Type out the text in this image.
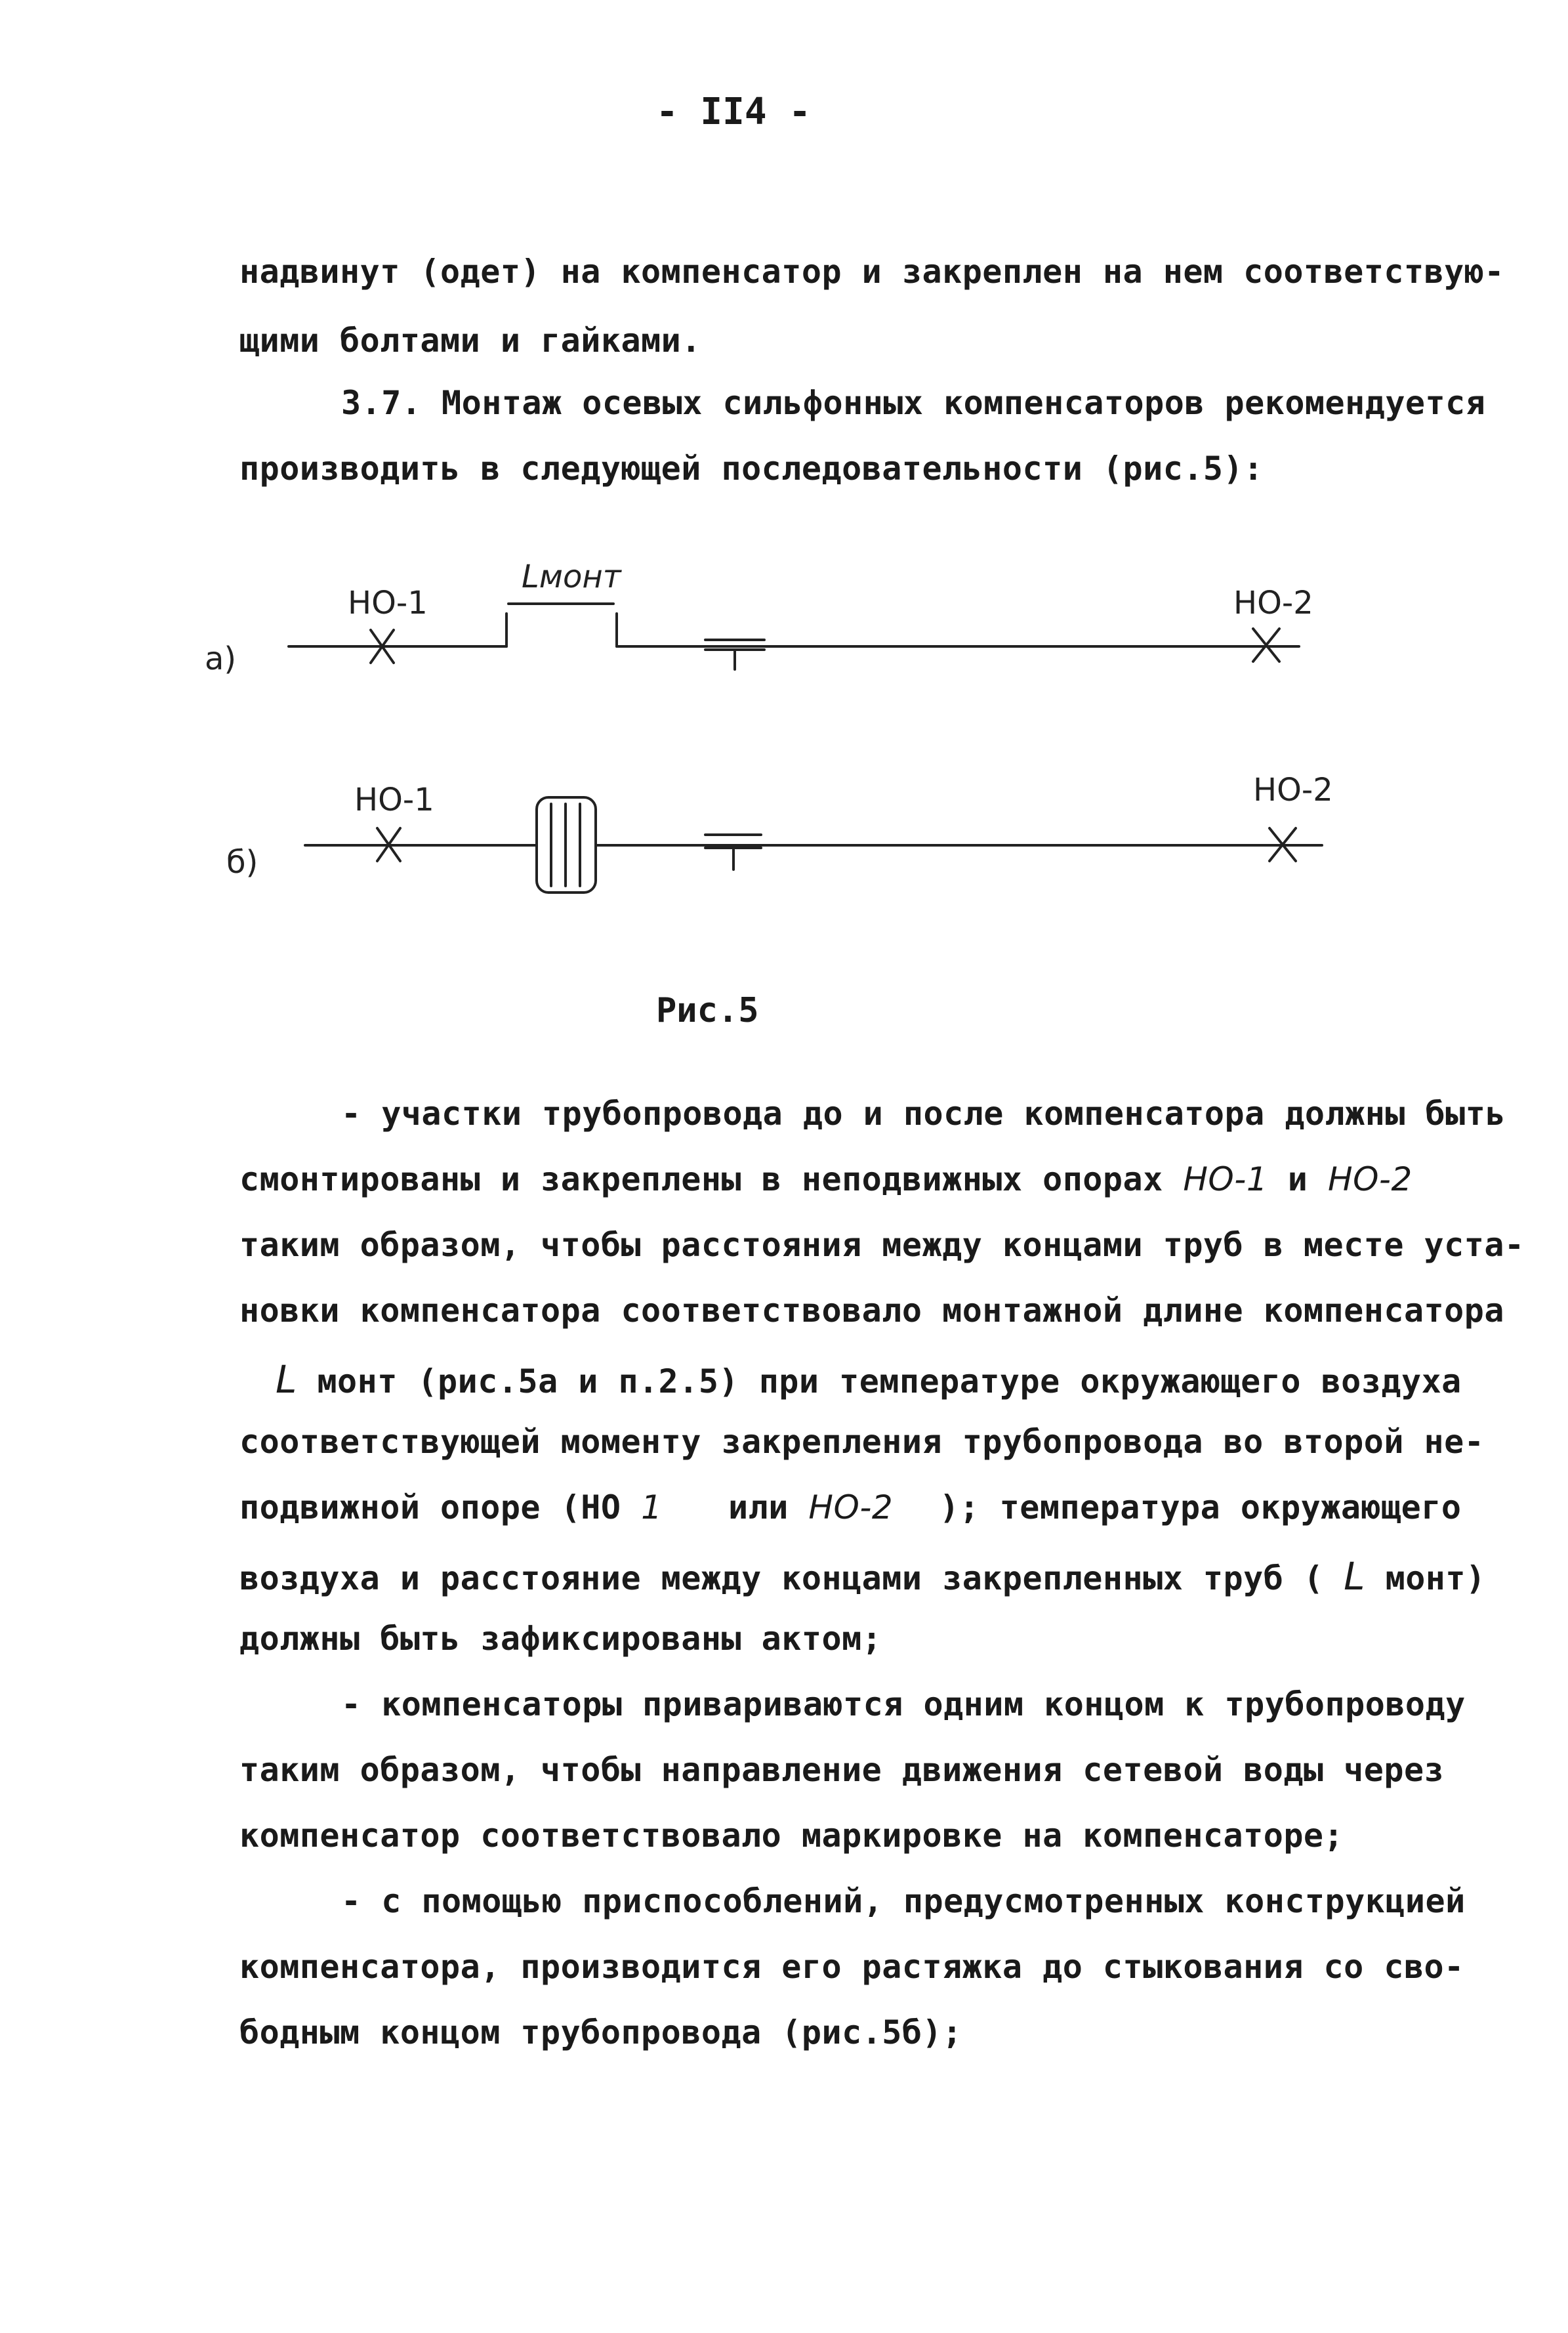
- II4 -
надвинут (одет) на компенсатор и закреплен на нем соответствую-
щими болтами и гайками.
3.7. Монтаж осевых сильфонных компенсаторов рекомендуется
производить в следующей последовательности (рис.5):
а)
НО-1	НО-2
Lмонт
б)
НО-1	НО-2
Рис.5
- участки трубопровода до и после компенсатора должны быть
смонтированы и закреплены в неподвижных опорах НО-1 и НО-2
таким образом, чтобы расстояния между концами труб в месте уста-
новки компенсатора соответствовало монтажной длине компенсатора
L монт (рис.5а и п.2.5) при температуре окружающего воздуха
соответствующей моменту закрепления трубопровода во второй не-
подвижной опоре (НО 1 или НО-2 ); температура окружающего
воздуха и расстояние между концами закрепленных труб ( L монт)
должны быть зафиксированы актом;
- компенсаторы привариваются одним концом к трубопроводу
таким образом, чтобы направление движения сетевой воды через
компенсатор соответствовало маркировке на компенсаторе;
- с помощью приспособлений, предусмотренных конструкцией
компенсатора, производится его растяжка до стыкования со сво-
бодным концом трубопровода (рис.5б);
